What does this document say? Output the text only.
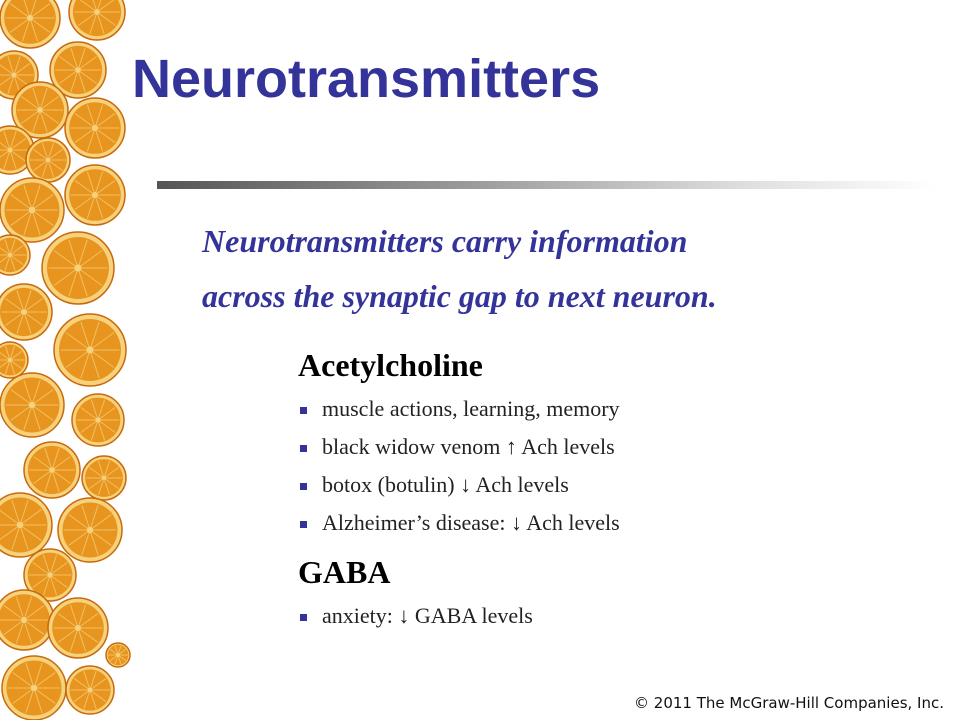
Neurotransmitters
Neurotransmitters carry information
across the synaptic gap to next neuron.
Acetylcholine
muscle actions, learning, memory
black widow venom ↑ Ach levels
botox (botulin) ↓ Ach levels
Alzheimer’s disease: ↓ Ach levels
GABA
anxiety: ↓ GABA levels
© 2011 The McGraw-Hill Companies, Inc.
